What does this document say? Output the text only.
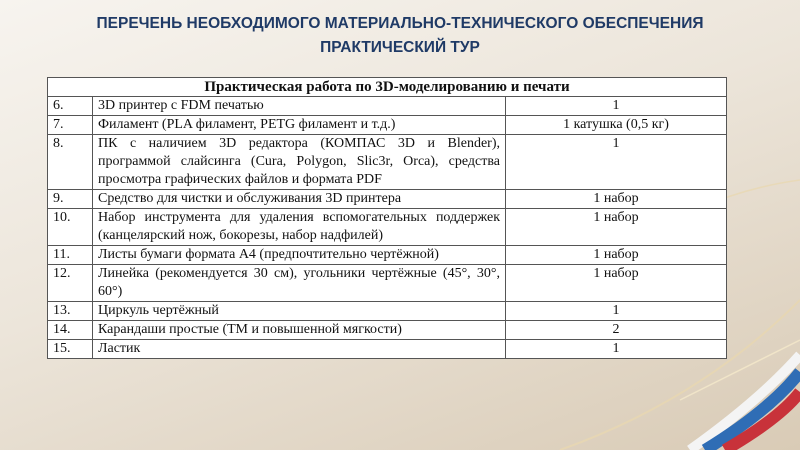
ПЕРЕЧЕНЬ НЕОБХОДИМОГО МАТЕРИАЛЬНО-ТЕХНИЧЕСКОГО ОБЕСПЕЧЕНИЯ
ПРАКТИЧЕСКИЙ ТУР
Практическая работа по 3D-моделированию и печати		
6.	3D принтер с FDM печатью	1
7.	Филамент (PLA филамент, PETG филамент и т.д.)	1 катушка (0,5 кг)
8.	ПК с наличием 3D редактора (КОМПАС 3D и Blender), программой слайсинга (Cura, Polygon, Slic3r, Orca), средства просмотра графических файлов и формата PDF	1
9.	Средство для чистки и обслуживания 3D принтера	1 набор
10.	Набор инструмента для удаления вспомогательных поддержек (канцелярский нож, бокорезы, набор надфилей)	1 набор
11.	Листы бумаги формата А4 (предпочтительно чертёжной)	1 набор
12.	Линейка (рекомендуется 30 см), угольники чертёжные (45°, 30°, 60°)	1 набор
13.	Циркуль чертёжный	1
14.	Карандаши простые (ТМ и повышенной мягкости)	2
15.	Ластик	1
